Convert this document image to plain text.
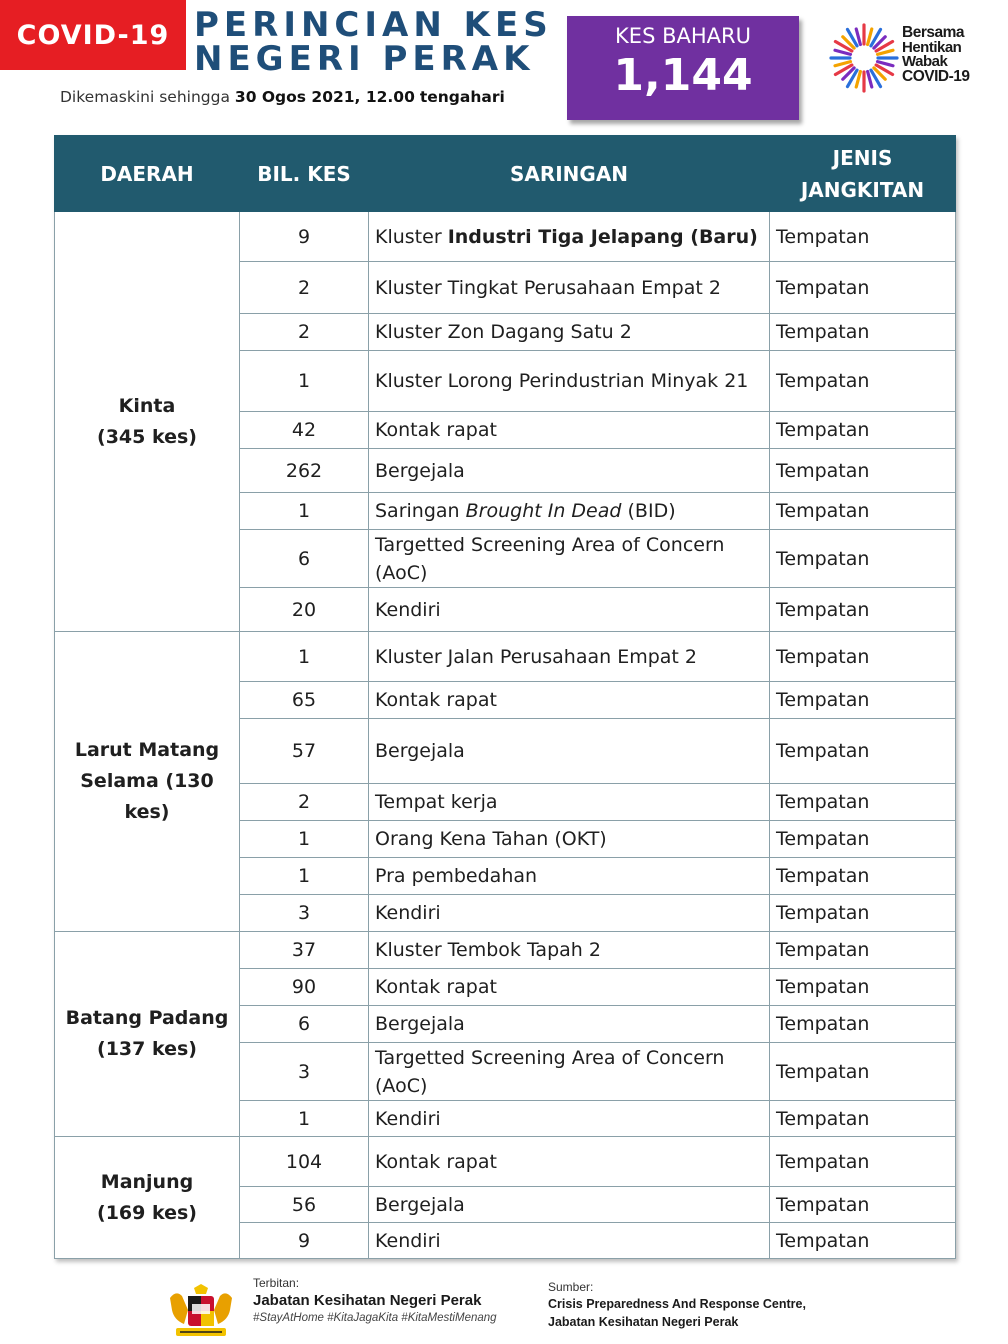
COVID-19 PERINCIAN KES
NEGERI PERAK
Dikemaskini sehingga 30 Ogos 2021, 12.00 tengahari
KES BAHARU
1,144
Bersama
Hentikan
Wabak
COVID-19
DAERAH	BIL. KES	SARINGAN	JENIS
JANGKITAN

Kinta
(345 kes)	9	Kluster Industri Tiga Jelapang (Baru)	Tempatan
	2	Kluster Tingkat Perusahaan Empat 2	Tempatan
	2	Kluster Zon Dagang Satu 2	Tempatan
	1	Kluster Lorong Perindustrian Minyak 21	Tempatan
	42	Kontak rapat	Tempatan
	262	Bergejala	Tempatan
	1	Saringan Brought In Dead (BID)	Tempatan
	6	Targetted Screening Area of Concern (AoC)	Tempatan
	20	Kendiri	Tempatan

Larut Matang
Selama (130 kes)	1	Kluster Jalan Perusahaan Empat 2	Tempatan
	65	Kontak rapat	Tempatan
	57	Bergejala	Tempatan
	2	Tempat kerja	Tempatan
	1	Orang Kena Tahan (OKT)	Tempatan
	1	Pra pembedahan	Tempatan
	3	Kendiri	Tempatan

Batang Padang
(137 kes)	37	Kluster Tembok Tapah 2	Tempatan
	90	Kontak rapat	Tempatan
	6	Bergejala	Tempatan
	3	Targetted Screening Area of Concern (AoC)	Tempatan
	1	Kendiri	Tempatan

Manjung
(169 kes)	104	Kontak rapat	Tempatan
	56	Bergejala	Tempatan
	9	Kendiri	Tempatan
Terbitan:
Jabatan Kesihatan Negeri Perak
#StayAtHome #KitaJagaKita #KitaMestiMenang
Sumber:
Crisis Preparedness And Response Centre,
Jabatan Kesihatan Negeri Perak
